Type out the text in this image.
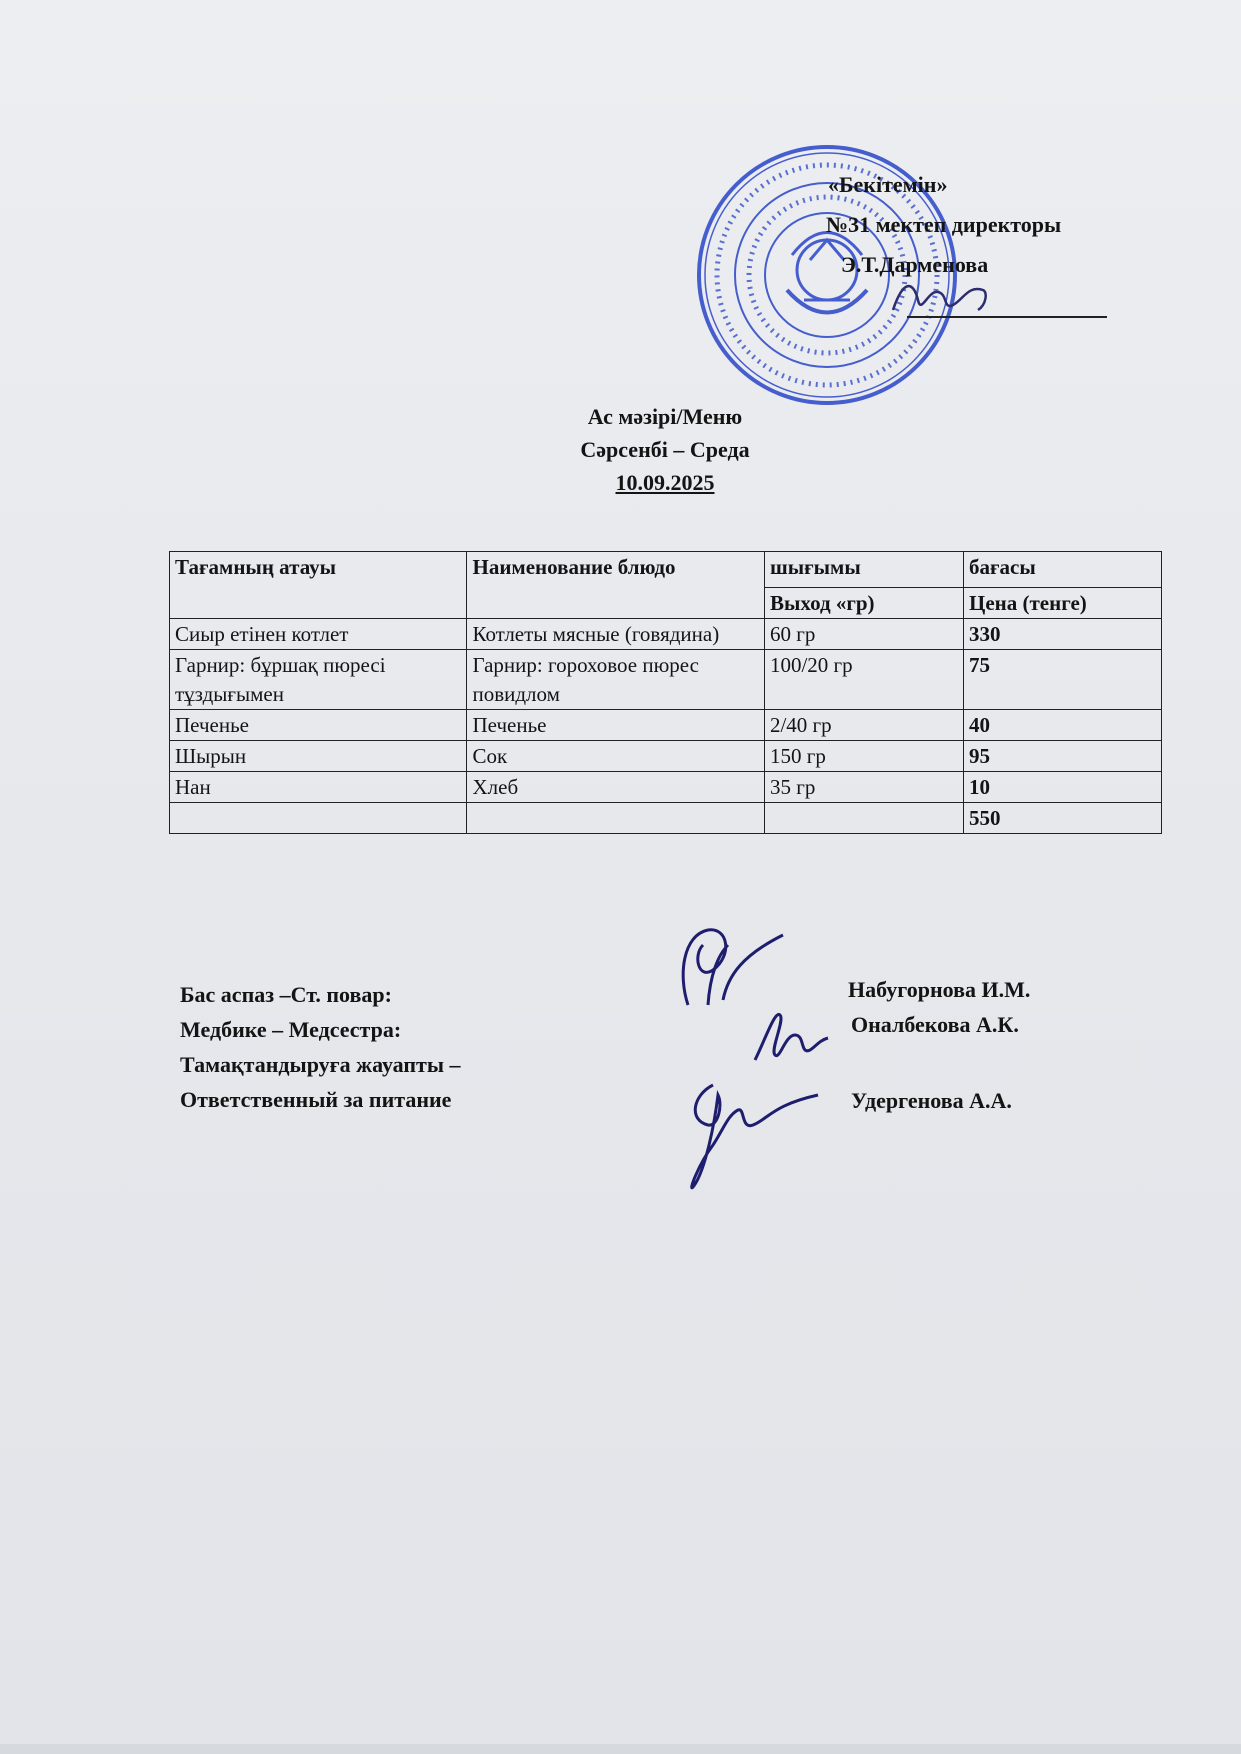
«Бекітемін»
№31 мектеп директоры
Э.Т.Дарменова
Ас мәзірі/Меню
Сәрсенбі – Среда
10.09.2025
Тағамның атауы	Наименование блюдо	шығымы	бағасы
		Выход «гр)	Цена (тенге)
Сиыр етінен котлет	Котлеты мясные (говядина)	60 гр	330
Гарнир: бұршақ пюресі тұздығымен	Гарнир: гороховое пюрес повидлом	100/20 гр	75
Печенье	Печенье	2/40 гр	40
Шырын	Сок	150 гр	95
Нан	Хлеб	35 гр	10
			550
Бас аспаз –Ст. повар:
Медбике – Медсестра:
Тамақтандыруға жауапты –
Ответственный за питание
Набугорнова И.М.
Оналбекова А.К.
Удергенова А.А.
